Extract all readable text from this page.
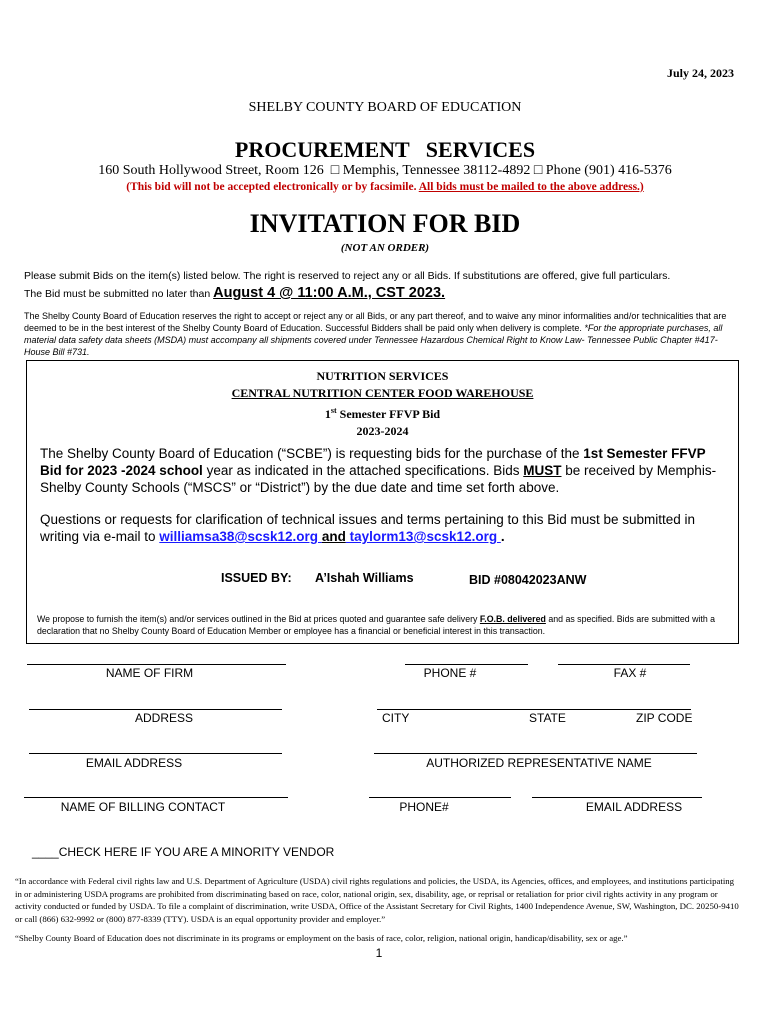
July 24, 2023
SHELBY COUNTY BOARD OF EDUCATION
PROCUREMENT   SERVICES
160 South Hollywood Street, Room 126  □ Memphis, Tennessee 38112-4892 □ Phone (901) 416-5376
(This bid will not be accepted electronically or by facsimile. All bids must be mailed to the above address.)
INVITATION FOR BID
(NOT AN ORDER)
Please submit Bids on the item(s) listed below. The right is reserved to reject any or all Bids. If substitutions are offered, give full particulars.
The Bid must be submitted no later than August 4 @ 11:00 A.M., CST 2023.
The Shelby County Board of Education reserves the right to accept or reject any or all Bids, or any part thereof, and to waive any minor informalities and/or technicalities that are deemed to be in the best interest of the Shelby County Board of Education. Successful Bidders shall be paid only when delivery is complete. *For the appropriate purchases, all material data safety data sheets (MSDA) must accompany all shipments covered under Tennessee Hazardous Chemical Right to Know Law- Tennessee Public Chapter #417- House Bill #731.
NUTRITION SERVICES
CENTRAL NUTRITION CENTER FOOD WAREHOUSE
1st Semester FFVP Bid
2023-2024
The Shelby County Board of Education (“SCBE”) is requesting bids for the purchase of the 1st Semester FFVP Bid for 2023 -2024 school year as indicated in the attached specifications. Bids MUST be received by Memphis-Shelby County Schools (“MSCS” or “District”) by the due date and time set forth above.
Questions or requests for clarification of technical issues and terms pertaining to this Bid must be submitted in writing via e-mail to williamsa38@scsk12.org and taylorm13@scsk12.org .
ISSUED BY: A’Ishah Williams	BID #08042023ANW
We propose to furnish the item(s) and/or services outlined in the Bid at prices quoted and guarantee safe delivery F.O.B. delivered and as specified. Bids are submitted with a declaration that no Shelby County Board of Education Member or employee has a financial or beneficial interest in this transaction.
NAME OF FIRM	PHONE #	FAX #
ADDRESS	CITY	STATE	ZIP CODE
EMAIL ADDRESS	AUTHORIZED REPRESENTATIVE NAME
NAME OF BILLING CONTACT	PHONE#	EMAIL ADDRESS
____CHECK HERE IF YOU ARE A MINORITY VENDOR
“In accordance with Federal civil rights law and U.S. Department of Agriculture (USDA) civil rights regulations and policies, the USDA, its Agencies, offices, and employees, and institutions participating in or administering USDA programs are prohibited from discriminating based on race, color, national origin, sex, disability, age, or reprisal or retaliation for prior civil rights activity in any program or activity conducted or funded by USDA. To file a complaint of discrimination, write USDA, Office of the Assistant Secretary for Civil Rights, 1400 Independence Avenue, SW, Washington, DC. 20250-9410 or call (866) 632-9992 or (800) 877-8339 (TTY). USDA is an equal opportunity provider and employer.”
“Shelby County Board of Education does not discriminate in its programs or employment on the basis of race, color, religion, national origin, handicap/disability, sex or age.”
1
